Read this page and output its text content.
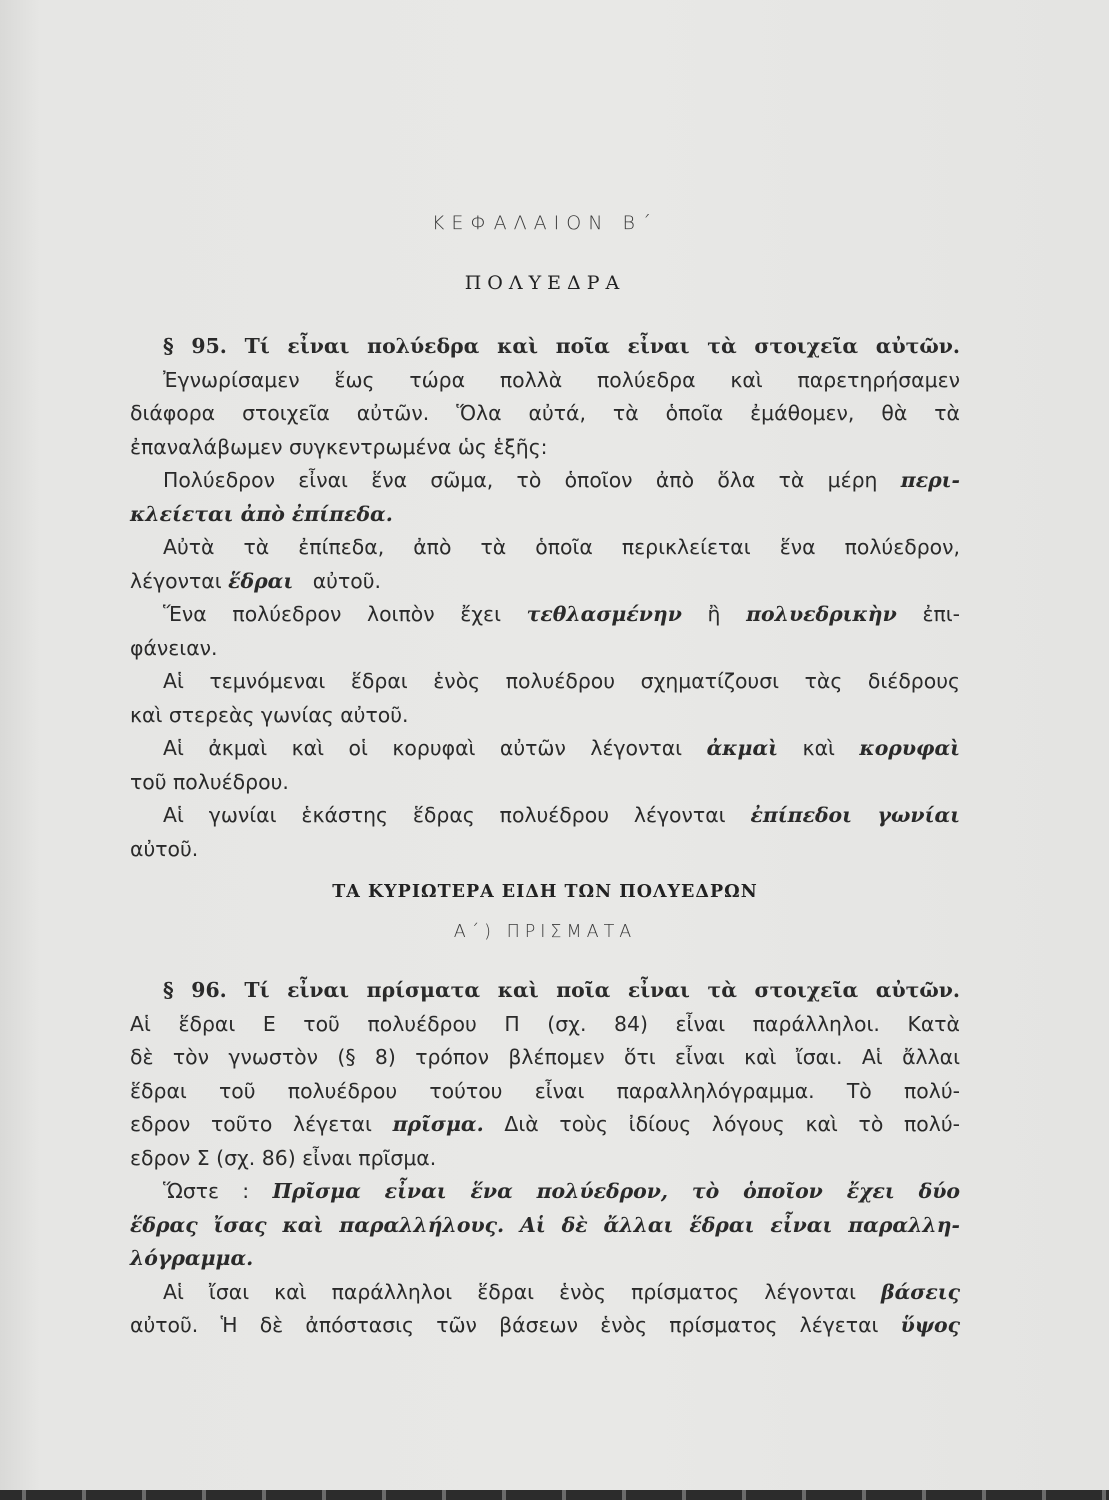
ΚΕΦΑΛΑΙΟΝ Β΄
ΠΟΛΥΕΔΡΑ
§ 95. Τί εἶναι πολύεδρα καὶ ποῖα εἶναι τὰ στοιχεῖα αὐτῶν.
Ἐγνωρίσαμεν ἕως τώρα πολλὰ πολύεδρα καὶ παρετηρήσαμεν
διάφορα στοιχεῖα αὐτῶν. Ὅλα αὐτά, τὰ ὁποῖα ἐμάθομεν, θὰ τὰ
ἐπαναλάβωμεν συγκεντρωμένα ὡς ἑξῆς:
Πολύεδρον εἶναι ἕνα σῶμα, τὸ ὁποῖον ἀπὸ ὅλα τὰ μέρη περι-
κλείεται ἀπὸ ἐπίπεδα.
Αὐτὰ τὰ ἐπίπεδα, ἀπὸ τὰ ὁποῖα περικλείεται ἕνα πολύεδρον,
λέγονται ἕδραι αὐτοῦ.
Ἕνα πολύεδρον λοιπὸν ἔχει τεθλασμένην ἢ πολυεδρικὴν ἐπι-
φάνειαν.
Αἱ τεμνόμεναι ἕδραι ἑνὸς πολυέδρου σχηματίζουσι τὰς διέδρους
καὶ στερεὰς γωνίας αὐτοῦ.
Αἱ ἀκμαὶ καὶ οἱ κορυφαὶ αὐτῶν λέγονται ἀκμαὶ καὶ κορυφαὶ
τοῦ πολυέδρου.
Αἱ γωνίαι ἑκάστης ἕδρας πολυέδρου λέγονται ἐπίπεδοι γωνίαι
αὐτοῦ.
ΤΑ ΚΥΡΙΩΤΕΡΑ ΕΙΔΗ ΤΩΝ ΠΟΛΥΕΔΡΩΝ
Α΄) ΠΡΙΣΜΑΤΑ
§ 96. Τί εἶναι πρίσματα καὶ ποῖα εἶναι τὰ στοιχεῖα αὐτῶν.
Αἱ ἕδραι Ε τοῦ πολυέδρου Π (σχ. 84) εἶναι παράλληλοι. Κατὰ
δὲ τὸν γνωστὸν (§ 8) τρόπον βλέπομεν ὅτι εἶναι καὶ ἴσαι. Αἱ ἄλλαι
ἕδραι τοῦ πολυέδρου τούτου εἶναι παραλληλόγραμμα. Τὸ πολύ-
εδρον τοῦτο λέγεται πρῖσμα. Διὰ τοὺς ἰδίους λόγους καὶ τὸ πολύ-
εδρον Σ (σχ. 86) εἶναι πρῖσμα.
Ὥστε : Πρῖσμα εἶναι ἕνα πολύεδρον, τὸ ὁποῖον ἔχει δύο
ἕδρας ἴσας καὶ παραλλήλους. Αἱ δὲ ἄλλαι ἕδραι εἶναι παραλλη-
λόγραμμα.
Αἱ ἴσαι καὶ παράλληλοι ἕδραι ἑνὸς πρίσματος λέγονται βάσεις
αὐτοῦ. Ἡ δὲ ἀπόστασις τῶν βάσεων ἑνὸς πρίσματος λέγεται ὕψος
